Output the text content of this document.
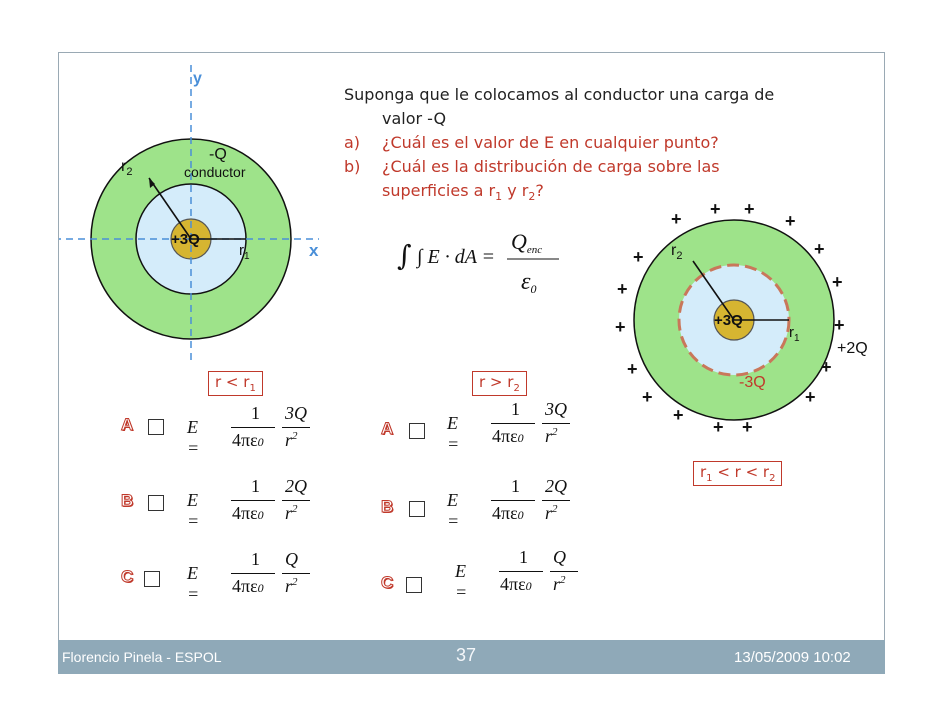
y
x
$r_2$
-Q
conductor
+3Q
$r_1$
Suponga que le colocamos al conductor una carga de
valor -Q
a)	¿Cuál es el valor de E en cualquier punto?
b)	¿Cuál es la distribución de carga sobre las
superficies a $r_1$ y $r_2$?
∫ ∫ E · dA =
Qenc
ε0
$r_2$
+3Q
$r_1$
+2Q
-3Q
+ + +
+
+
+
+
+
+
+
+
+
+
+
+
+
+
$r_1 < r < r_2$
$r < r_1$	$r > r_2$
A	E =
1
4πε0
3Q
$r^2$
B	E =
1
4πε0
2Q
$r^2$
C	E =
1
4πε0
Q
$r^2$
A	E =
1
4πε0
3Q
$r^2$
B	E =
1
4πε0
2Q
$r^2$
C
E =
1
4πε0
Q
$r^2$
Florencio Pinela - ESPOL	37	13/05/2009 10:02
